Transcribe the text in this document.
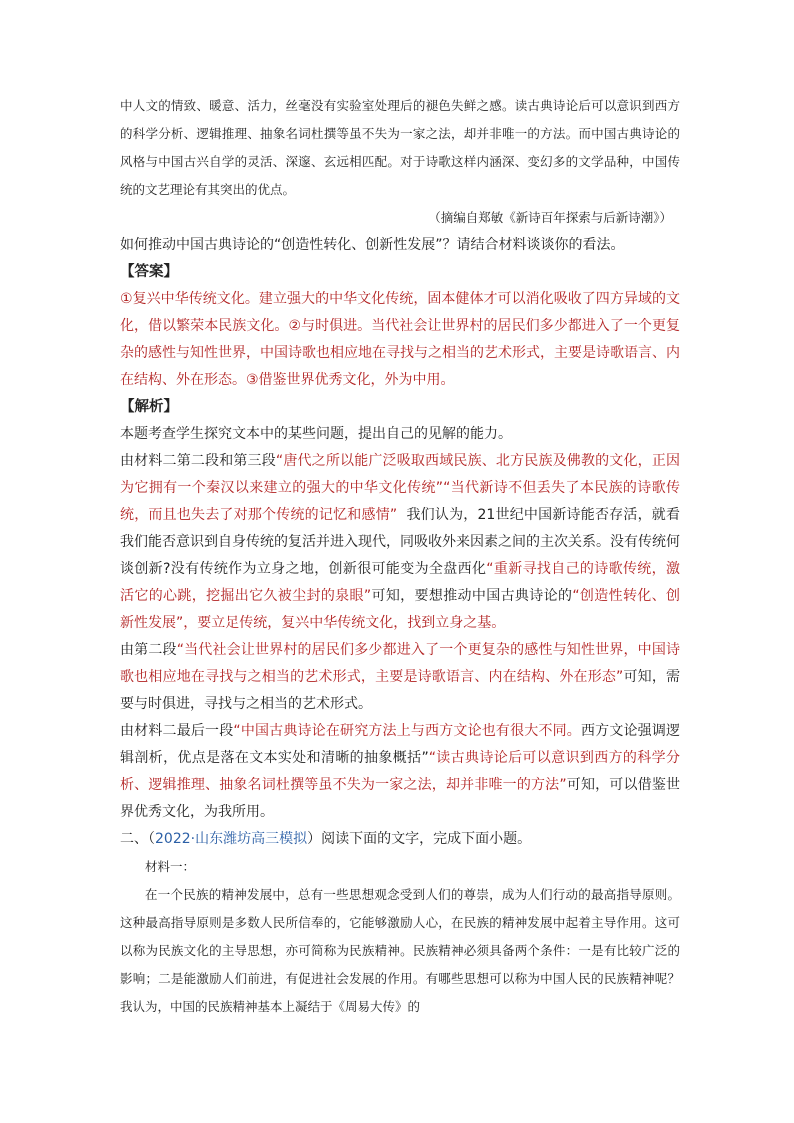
中人文的情致、暖意、活力，丝毫没有实验室处理后的褪色失鲜之感。读古典诗论后可以意识到西方的科学分析、逻辑推理、抽象名词杜撰等虽不失为一家之法，却并非唯一的方法。而中国古典诗论的风格与中国古兴自学的灵活、深邃、玄远相匹配。对于诗歌这样内涵深、变幻多的文学品种，中国传统的文艺理论有其突出的优点。

（摘编自郑敏《新诗百年探索与后新诗潮》）

如何推动中国古典诗论的“创造性转化、创新性发展”？请结合材料谈谈你的看法。

【答案】

①复兴中华传统文化。建立强大的中华文化传统，固本健体才可以消化吸收了四方异域的文化，借以繁荣本民族文化。②与时俱进。当代社会让世界村的居民们多少都进入了一个更复杂的感性与知性世界，中国诗歌也相应地在寻找与之相当的艺术形式，主要是诗歌语言、内在结构、外在形态。③借鉴世界优秀文化，外为中用。

【解析】

本题考查学生探究文本中的某些问题，提出自己的见解的能力。

由材料二第二段和第三段“唐代之所以能广泛吸取西域民族、北方民族及佛教的文化，正因为它拥有一个秦汉以来建立的强大的中华文化传统”“当代新诗不但丢失了本民族的诗歌传统，而且也失去了对那个传统的记忆和感情” 我们认为，21世纪中国新诗能否存活，就看我们能否意识到自身传统的复活并进入现代，同吸收外来因素之间的主次关系。没有传统何谈创新?没有传统作为立身之地，创新很可能变为全盘西化“重新寻找自己的诗歌传统，激活它的心跳，挖掘出它久被尘封的泉眼”可知，要想推动中国古典诗论的“创造性转化、创新性发展”，要立足传统，复兴中华传统文化，找到立身之基。

由第二段“当代社会让世界村的居民们多少都进入了一个更复杂的感性与知性世界，中国诗歌也相应地在寻找与之相当的艺术形式，主要是诗歌语言、内在结构、外在形态”可知，需要与时俱进，寻找与之相当的艺术形式。

由材料二最后一段“中国古典诗论在研究方法上与西方文论也有很大不同。西方文论强调逻辑剖析，优点是落在文本实处和清晰的抽象概括”“读古典诗论后可以意识到西方的科学分析、逻辑推理、抽象名词杜撰等虽不失为一家之法，却并非唯一的方法”可知，可以借鉴世界优秀文化，为我所用。

二、（2022·山东潍坊高三模拟）阅读下面的文字，完成下面小题。

材料一：

在一个民族的精神发展中，总有一些思想观念受到人们的尊崇，成为人们行动的最高指导原则。这种最高指导原则是多数人民所信奉的，它能够激励人心，在民族的精神发展中起着主导作用。这可以称为民族文化的主导思想，亦可简称为民族精神。民族精神必须具备两个条件：一是有比较广泛的影响；二是能激励人们前进，有促进社会发展的作用。有哪些思想可以称为中国人民的民族精神呢？我认为，中国的民族精神基本上凝结于《周易大传》的
